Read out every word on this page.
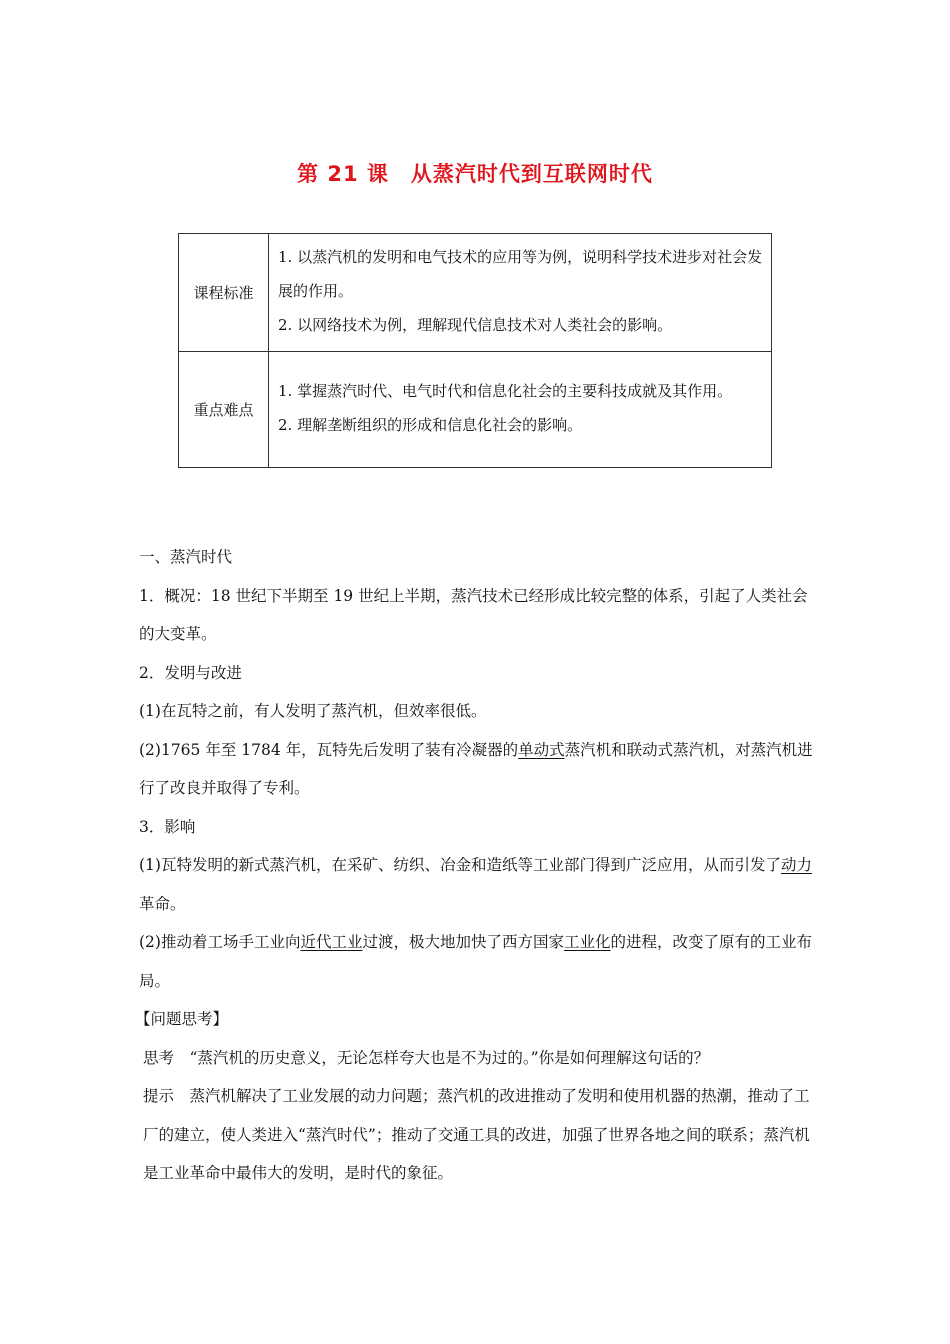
第 21 课 从蒸汽时代到互联网时代
课程标准	1. 以蒸汽机的发明和电气技术的应用等为例，说明科学技术进步对社会发展的作用。
2. 以网络技术为例，理解现代信息技术对人类社会的影响。

重点难点	1. 掌握蒸汽时代、电气时代和信息化社会的主要科技成就及其作用。
2. 理解垄断组织的形成和信息化社会的影响。

一、蒸汽时代

1．概况：18 世纪下半期至 19 世纪上半期，蒸汽技术已经形成比较完整的体系，引起了人类社会的大变革。

2．发明与改进

(1)在瓦特之前，有人发明了蒸汽机，但效率很低。

(2)1765 年至 1784 年，瓦特先后发明了装有冷凝器的单动式蒸汽机和联动式蒸汽机，对蒸汽机进行了改良并取得了专利。

3．影响

(1)瓦特发明的新式蒸汽机，在采矿、纺织、冶金和造纸等工业部门得到广泛应用，从而引发了动力革命。

(2)推动着工场手工业向近代工业过渡，极大地加快了西方国家工业化的进程，改变了原有的工业布局。

【问题思考】

思考　“蒸汽机的历史意义，无论怎样夸大也是不为过的。”你是如何理解这句话的？

提示　蒸汽机解决了工业发展的动力问题；蒸汽机的改进推动了发明和使用机器的热潮，推动了工厂的建立，使人类进入“蒸汽时代”；推动了交通工具的改进，加强了世界各地之间的联系；蒸汽机是工业革命中最伟大的发明，是时代的象征。
